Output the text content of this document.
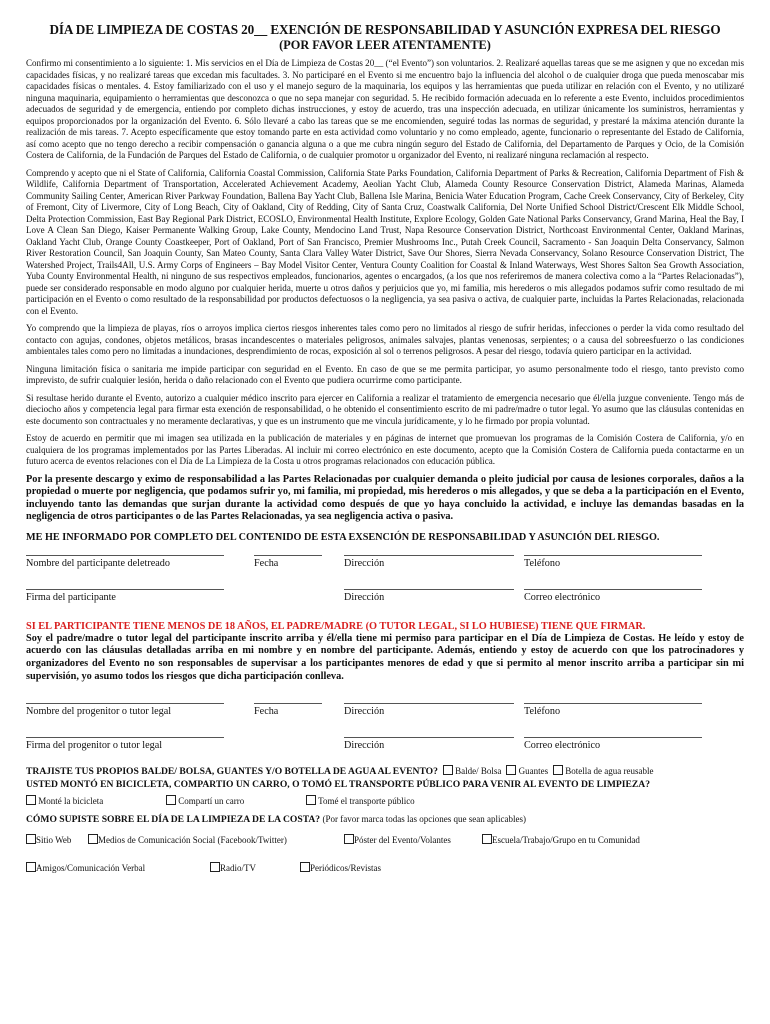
DÍA DE LIMPIEZA DE COSTAS 20__ EXENCIÓN DE RESPONSABILIDAD Y ASUNCIÓN EXPRESA DEL RIESGO
(POR FAVOR LEER ATENTAMENTE)

Confirmo mi consentimiento a lo siguiente: 1. Mis servicios en el Día de Limpieza de Costas 20__ (“el Evento”) son voluntarios. 2. Realizaré aquellas tareas que se me asignen y que no excedan mis capacidades físicas, y no realizaré tareas que excedan mis facultades. 3. No participaré en el Evento si me encuentro bajo la influencia del alcohol o de cualquier droga que pueda menoscabar mis capacidades físicas o mentales. 4. Estoy familiarizado con el uso y el manejo seguro de la maquinaria, los equipos y las herramientas que pueda utilizar en relación con el Evento, y no utilizaré ninguna maquinaria, equipamiento o herramientas que desconozca o que no sepa manejar con seguridad. 5. He recibido formación adecuada en lo referente a este Evento, incluidos procedimientos adecuados de seguridad y de emergencia, entiendo por completo dichas instrucciones, y estoy de acuerdo, tras una inspección adecuada, en utilizar únicamente los suministros, herramientas y equipos proporcionados por la organización del Evento. 6. Sólo llevaré a cabo las tareas que se me encomienden, seguiré todas las normas de seguridad, y prestaré la máxima atención durante la realización de mis tareas. 7. Acepto específicamente que estoy tomando parte en esta actividad como voluntario y no como empleado, agente, funcionario o representante del Estado de California, así como acepto que no tengo derecho a recibir compensación o ganancia alguna o a que me cubra ningún seguro del Estado de California, del Departamento de Parques y Ocio, de la Comisión Costera de California, de la Fundación de Parques del Estado de California, o de cualquier promotor u organizador del Evento, ni realizaré ninguna reclamación al respecto.

Comprendo y acepto que ni el State of California, California Coastal Commission, California State Parks Foundation, California Department of Parks & Recreation, California Department of Fish & Wildlife, California Department of Transportation, Accelerated Achievement Academy, Aeolian Yacht Club, Alameda County Resource Conservation District, Alameda Marinas, Alameda Community Sailing Center, American River Parkway Foundation, Ballena Bay Yacht Club, Ballena Isle Marina, Benicia Water Education Program, Cache Creek Conservancy, City of Berkeley, City of Fremont, City of Livermore, City of Long Beach, City of Oakland, City of Redding, City of Santa Cruz, Coastwalk California, Del Norte Unified School District/Crescent Elk Middle School, Delta Protection Commission, East Bay Regional Park District, ECOSLO, Environmental Health Institute, Explore Ecology, Golden Gate National Parks Conservancy, Grand Marina, Heal the Bay, I Love A Clean San Diego, Kaiser Permanente Walking Group, Lake County, Mendocino Land Trust, Napa Resource Conservation District, Northcoast Environmental Center, Oakland Marinas, Oakland Yacht Club, Orange County Coastkeeper, Port of Oakland, Port of San Francisco, Premier Mushrooms Inc., Putah Creek Council, Sacramento - San Joaquin Delta Conservancy, Salmon River Restoration Council, San Joaquin County, San Mateo County, Santa Clara Valley Water District, Save Our Shores, Sierra Nevada Conservancy, Solano Resource Conservation District, The Watershed Project, Trails4All, U.S. Army Corps of Engineers – Bay Model Visitor Center, Ventura County Coalition for Coastal & Inland Waterways, West Shores Salton Sea Growth Association, Yuba County Environmental Health, ni ninguno de sus respectivos empleados, funcionarios, agentes o encargados, (a los que nos referiremos de manera colectiva como a la “Partes Relacionadas”), puede ser considerado responsable en modo alguno por cualquier herida, muerte u otros daños y perjuicios que yo, mi familia, mis herederos o mis allegados podamos sufrir como resultado de mi participación en el Evento o como resultado de la responsabilidad por productos defectuosos o la negligencia, ya sea pasiva o activa, de cualquier parte, incluidas la Partes Relacionadas, relacionada con el Evento.

Yo comprendo que la limpieza de playas, ríos o arroyos implica ciertos riesgos inherentes tales como pero no limitados al riesgo de sufrir heridas, infecciones o perder la vida como resultado del contacto con agujas, condones, objetos metálicos, brasas incandescentes o materiales peligrosos, animales salvajes, plantas venenosas, serpientes; o a causa del sobreesfuerzo o las condiciones ambientales tales como pero no limitadas a inundaciones, desprendimiento de rocas, exposición al sol o terrenos peligrosos. A pesar del riesgo, todavía quiero participar en la actividad.

Ninguna limitación física o sanitaria me impide participar con seguridad en el Evento. En caso de que se me permita participar, yo asumo personalmente todo el riesgo, tanto previsto como imprevisto, de sufrir cualquier lesión, herida o daño relacionado con el Evento que pudiera ocurrirme como participante.

Si resultase herido durante el Evento, autorizo a cualquier médico inscrito para ejercer en California a realizar el tratamiento de emergencia necesario que él/ella juzgue conveniente. Tengo más de dieciocho años y competencia legal para firmar esta exención de responsabilidad, o he obtenido el consentimiento escrito de mi padre/madre o tutor legal. Yo asumo que las cláusulas contenidas en este documento son contractuales y no meramente declarativas, y que es un instrumento que me vincula jurídicamente, y lo he firmado por propia voluntad.

Estoy de acuerdo en permitir que mi imagen sea utilizada en la publicación de materiales y en páginas de internet que promuevan los programas de la Comisión Costera de California, y/o en cualquiera de los programas implementados por las Partes Liberadas. Al incluir mi correo electrónico en este documento, acepto que la Comisión Costera de California pueda contactarme en un futuro acerca de eventos relaciones con el Día de La Limpieza de la Costa u otros programas relacionados con educación pública.

Por la presente descargo y eximo de responsabilidad a las Partes Relacionadas por cualquier demanda o pleito judicial por causa de lesiones corporales, daños a la propiedad o muerte por negligencia, que podamos sufrir yo, mi familia, mi propiedad, mis herederos o mis allegados, y que se deba a la participación en el Evento, incluyendo tanto las demandas que surjan durante la actividad como después de que yo haya concluido la actividad, e incluye las demandas basadas en la negligencia de otros participantes o de las Partes Relacionadas, ya sea negligencia activa o pasiva.

ME HE INFORMADO POR COMPLETO DEL CONTENIDO DE ESTA EXSENCIÓN DE RESPONSABILIDAD Y ASUNCIÓN DEL RIESGO.
Nombre del participante deletreado	Fecha	Dirección	Teléfono
Firma del participante	Dirección	Correo electrónico
SI EL PARTICIPANTE TIENE MENOS DE 18 AÑOS, EL PADRE/MADRE (O TUTOR LEGAL, SI LO HUBIESE) TIENE QUE FIRMAR.
Soy el padre/madre o tutor legal del participante inscrito arriba y él/ella tiene mi permiso para participar en el Día de Limpieza de Costas. He leído y estoy de acuerdo con las cláusulas detalladas arriba en mi nombre y en nombre del participante. Además, entiendo y estoy de acuerdo con que los patrocinadores y organizadores del Evento no son responsables de supervisar a los participantes menores de edad y que si permito al menor inscrito arriba a participar sin mi supervisión, yo asumo todos los riesgos que dicha participación conlleva.
Nombre del progenitor o tutor legal	Fecha	Dirección	Teléfono
Firma del progenitor o tutor legal	Dirección	Correo electrónico
TRAJISTE TUS PROPIOS BALDE/ BOLSA, GUANTES Y/O BOTELLA DE AGUA AL EVENTO? Balde/ Bolsa Guantes Botella de agua reusable
USTED MONTÓ EN BICICLETA, COMPARTIO UN CARRO, O TOMÓ EL TRANSPORTE PÚBLICO PARA VENIR AL EVENTO DE LIMPIEZA?
Monté la bicicleta	Compartí un carro	Tomé el transporte público
CÓMO SUPISTE SOBRE EL DÍA DE LA LIMPIEZA DE LA COSTA? (Por favor marca todas las opciones que sean aplicables)
Sitio Web	Medios de Comunicación Social (Facebook/Twitter)	Póster del Evento/Volantes	Escuela/Trabajo/Grupo en tu Comunidad
Amigos/Comunicación Verbal	Radio/TV	Periódicos/Revistas
